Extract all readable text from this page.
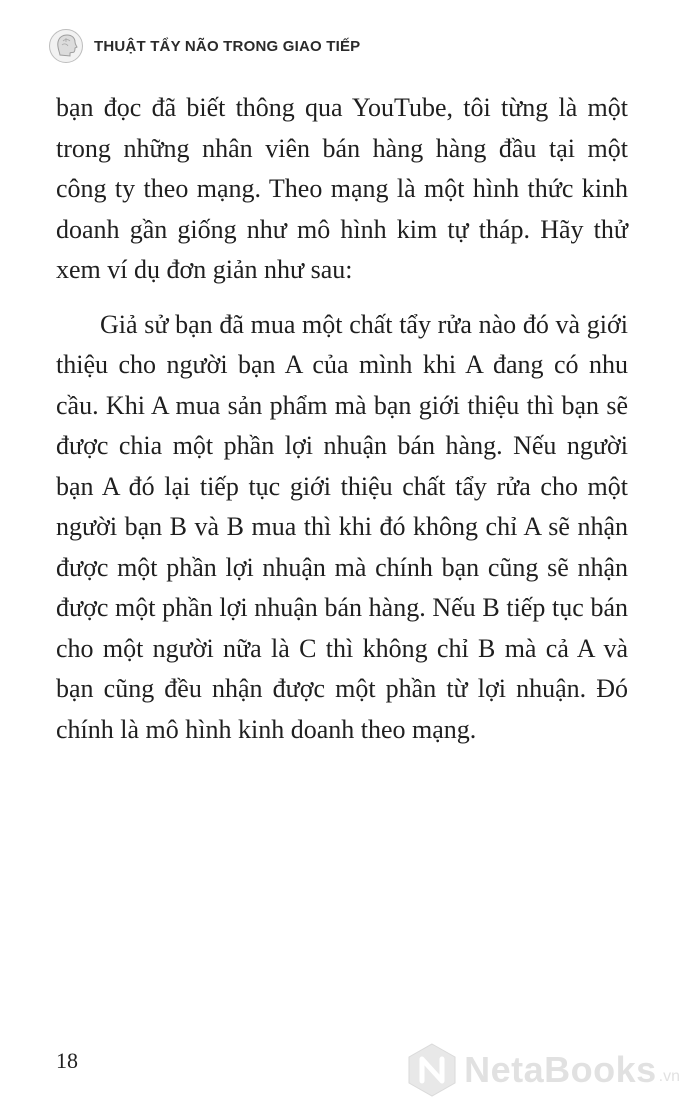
THUẬT TẨY NÃO TRONG GIAO TIẾP

bạn đọc đã biết thông qua YouTube, tôi từng là một trong những nhân viên bán hàng hàng đầu tại một công ty theo mạng. Theo mạng là một hình thức kinh doanh gần giống như mô hình kim tự tháp. Hãy thử xem ví dụ đơn giản như sau:

Giả sử bạn đã mua một chất tẩy rửa nào đó và giới thiệu cho người bạn A của mình khi A đang có nhu cầu. Khi A mua sản phẩm mà bạn giới thiệu thì bạn sẽ được chia một phần lợi nhuận bán hàng. Nếu người bạn A đó lại tiếp tục giới thiệu chất tẩy rửa cho một người bạn B và B mua thì khi đó không chỉ A sẽ nhận được một phần lợi nhuận mà chính bạn cũng sẽ nhận được một phần lợi nhuận bán hàng. Nếu B tiếp tục bán cho một người nữa là C thì không chỉ B mà cả A và bạn cũng đều nhận được một phần từ lợi nhuận. Đó chính là mô hình kinh doanh theo mạng.

18	NetaBooks .vn
